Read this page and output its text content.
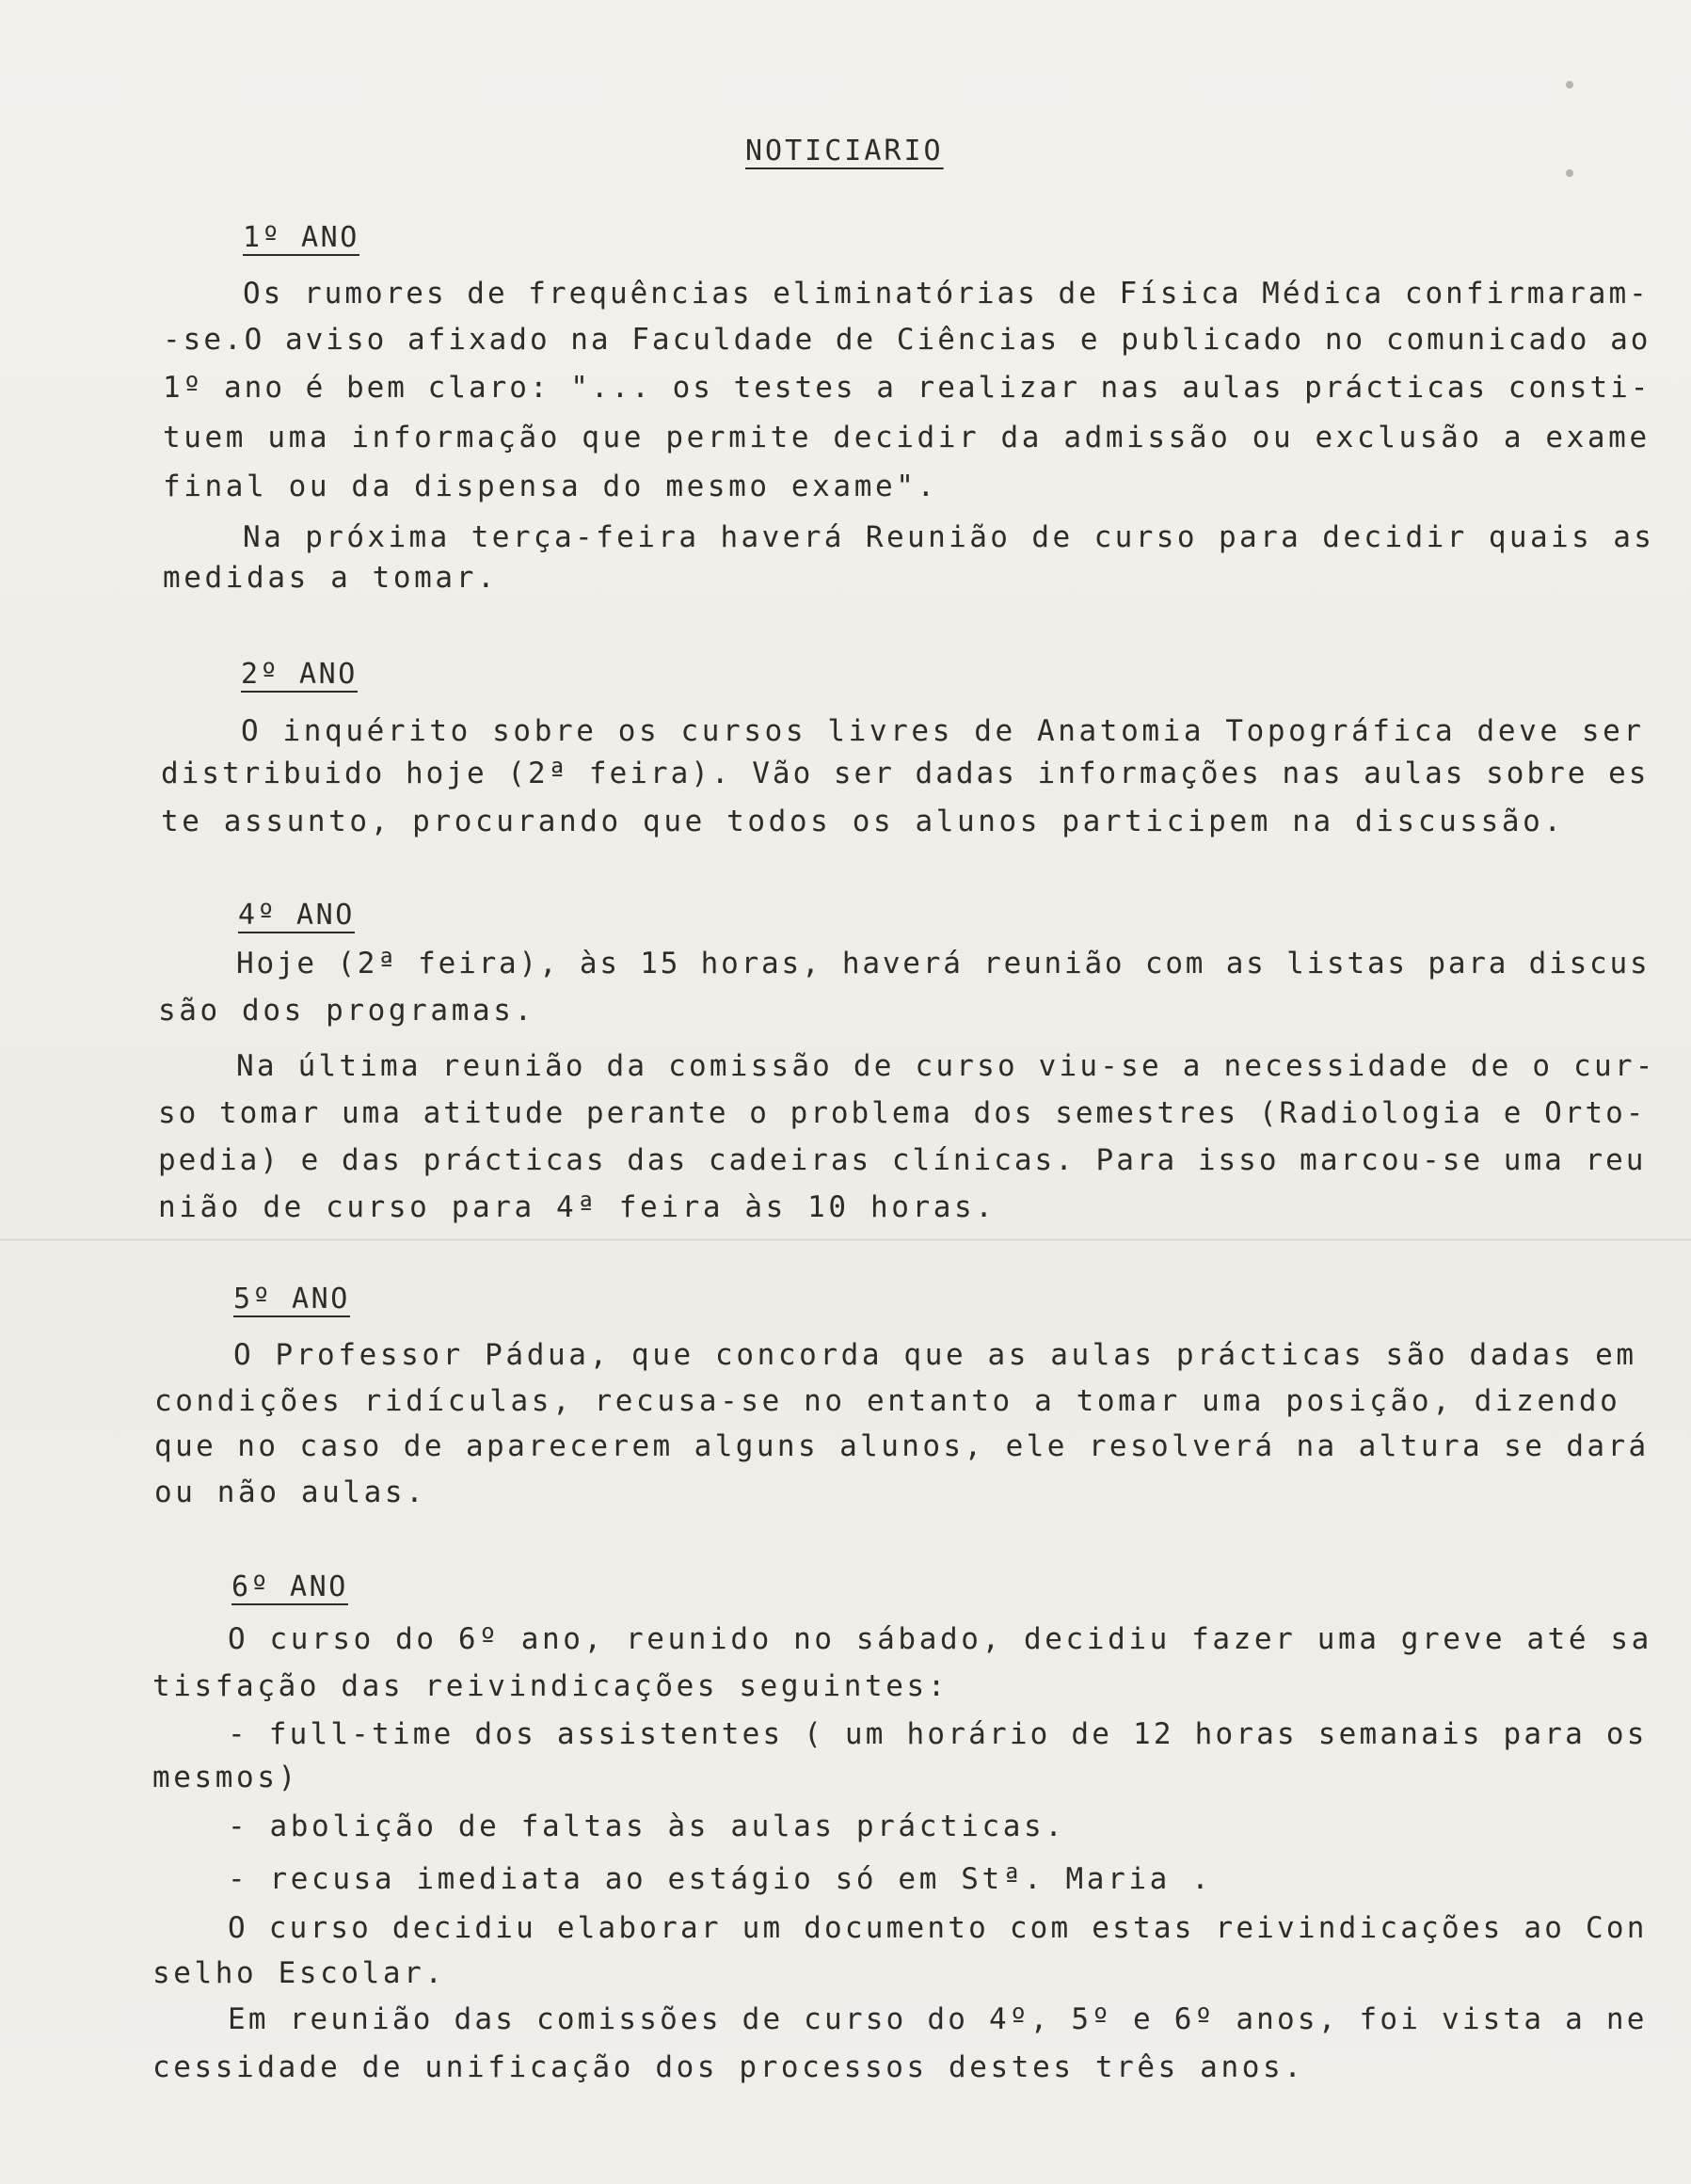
NOTICIARIO
1º ANO
Os rumores de frequências eliminatórias de Física Médica confirmaram-
-se.O aviso afixado na Faculdade de Ciências e publicado no comunicado ao
1º ano é bem claro: "... os testes a realizar nas aulas prácticas consti-
tuem uma informação que permite decidir da admissão ou exclusão a exame
final ou da dispensa do mesmo exame".
Na próxima terça-feira haverá Reunião de curso para decidir quais as
medidas a tomar.
2º ANO
O inquérito sobre os cursos livres de Anatomia Topográfica deve ser
distribuido hoje (2ª feira). Vão ser dadas informações nas aulas sobre es
te assunto, procurando que todos os alunos participem na discussão.
4º ANO
Hoje (2ª feira), às 15 horas, haverá reunião com as listas para discus
são dos programas.
Na última reunião da comissão de curso viu-se a necessidade de o cur-
so tomar uma atitude perante o problema dos semestres (Radiologia e Orto-
pedia) e das prácticas das cadeiras clínicas. Para isso marcou-se uma reu
nião de curso para 4ª feira às 10 horas.
5º ANO
O Professor Pádua, que concorda que as aulas prácticas são dadas em
condições ridículas, recusa-se no entanto a tomar uma posição, dizendo
que no caso de aparecerem alguns alunos, ele resolverá na altura se dará
ou não aulas.
6º ANO
O curso do 6º ano, reunido no sábado, decidiu fazer uma greve até sa
tisfação das reivindicações seguintes:
- full-time dos assistentes ( um horário de 12 horas semanais para os
mesmos)
- abolição de faltas às aulas prácticas.
- recusa imediata ao estágio só em Stª. Maria .
O curso decidiu elaborar um documento com estas reivindicações ao Con
selho Escolar.
Em reunião das comissões de curso do 4º, 5º e 6º anos, foi vista a ne
cessidade de unificação dos processos destes três anos.
